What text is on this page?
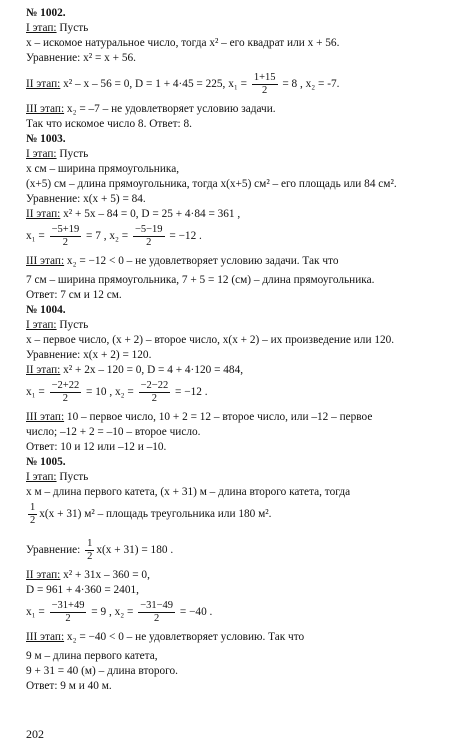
№ 1002.
I этап: Пусть
x – искомое натуральное число, тогда x² – его квадрат или x + 56.
Уравнение: x² = x + 56.
II этап: x² – x – 56 = 0, D = 1 + 4·45 = 225, $x_1 = \frac{1+15}{2} = 8$ , x₂ = -7.
III этап: x₂ = –7 – не удовлетворяет условию задачи.
Так что искомое число 8. Ответ: 8.
№ 1003.
I этап: Пусть
x см – ширина прямоугольника,
(x+5) см – длина прямоугольника, тогда x(x+5) см² – его площадь или 84 см².
Уравнение: x(x + 5) = 84.
II этап: x² + 5x – 84 = 0, D = 25 + 4·84 = 361 ,
$x_1 = \frac{-5+19}{2} = 7$ , $x_2 = \frac{-5-19}{2} = -12$ .
III этап: x₂ = −12 < 0 – не удовлетворяет условию задачи. Так что
7 см – ширина прямоугольника, 7 + 5 = 12 (см) – длина прямоугольника.
Ответ: 7 см и 12 см.
№ 1004.
I этап: Пусть
x – первое число, (x + 2) – второе число, x(x + 2) – их произведение или 120.
Уравнение: x(x + 2) = 120.
II этап: x² + 2x – 120 = 0, D = 4 + 4·120 = 484,
$x_1 = \frac{-2+22}{2} = 10$ , $x_2 = \frac{-2-22}{2} = -12$ .
III этап: 10 – первое число, 10 + 2 = 12 – второе число, или –12 – первое
число; –12 + 2 = –10 – второе число.
Ответ: 10 и 12 или –12 и –10.
№ 1005.
I этап: Пусть
x м – длина первого катета, (x + 31) м – длина второго катета, тогда
$\frac{1}{2} x(x + 31)$ м² – площадь треугольника или 180 м².
Уравнение: $\frac{1}{2} x(x + 31) = 180$ .
II этап: x² + 31x – 360 = 0,
D = 961 + 4·360 = 2401,
$x_1 = \frac{-31+49}{2} = 9$ , $x_2 = \frac{-31-49}{2} = -40$ .
III этап: x₂ = −40 < 0 – не удовлетворяет условию. Так что
9 м – длина первого катета,
9 + 31 = 40 (м) – длина второго.
Ответ: 9 м и 40 м.
202
